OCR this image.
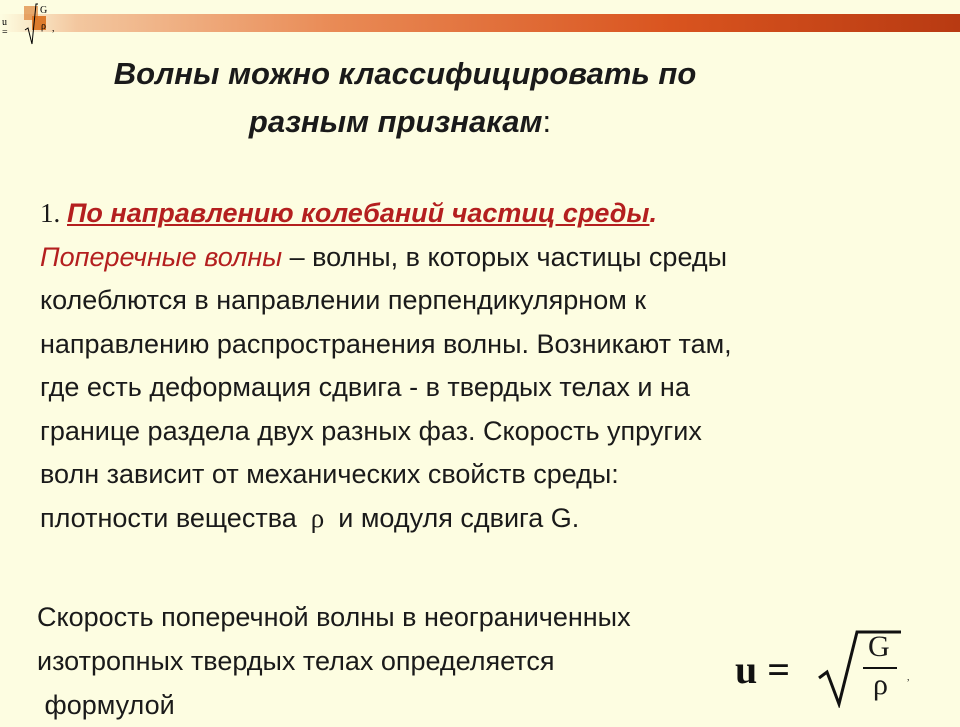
u =
G
ρ ,
Волны можно классифицировать по
разным признакам:
1. По направлению колебаний частиц среды.
Поперечные волны – волны, в которых частицы среды
колеблются в направлении перпендикулярном к
направлению распространения волны. Возникают там,
где есть деформация сдвига - в твердых телах и на
границе раздела двух разных фаз. Скорость упругих
волн зависит от механических свойств среды:
плотности вещества ρ и модуля сдвига G.
Скорость поперечной волны в неограниченных
изотропных твердых телах определяется
формулой
u =
G
ρ ,
